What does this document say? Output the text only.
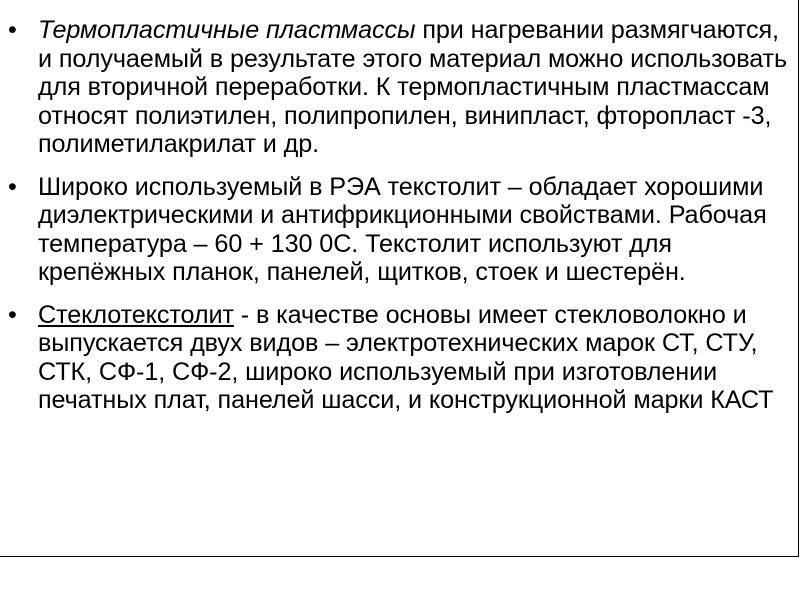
• Термопластичные пластмассы при нагревании размягчаются, и получаемый в результате этого материал можно использовать для вторичной переработки. К термопластичным пластмассам относят полиэтилен, полипропилен, винипласт, фторопласт -3, полиметилакрилат и др.
• Широко используемый в РЭА текстолит – обладает хорошими диэлектрическими и антифрикционными свойствами. Рабочая температура – 60 + 130 0С. Текстолит используют для крепёжных планок, панелей, щитков, стоек и шестерён.
• Стеклотекстолит - в качестве основы имеет стекловолокно и выпускается двух видов – электротехнических марок СТ, СТУ, СТК, СФ-1, СФ-2, широко используемый при изготовлении печатных плат, панелей шасси, и конструкционной марки КАСТ
